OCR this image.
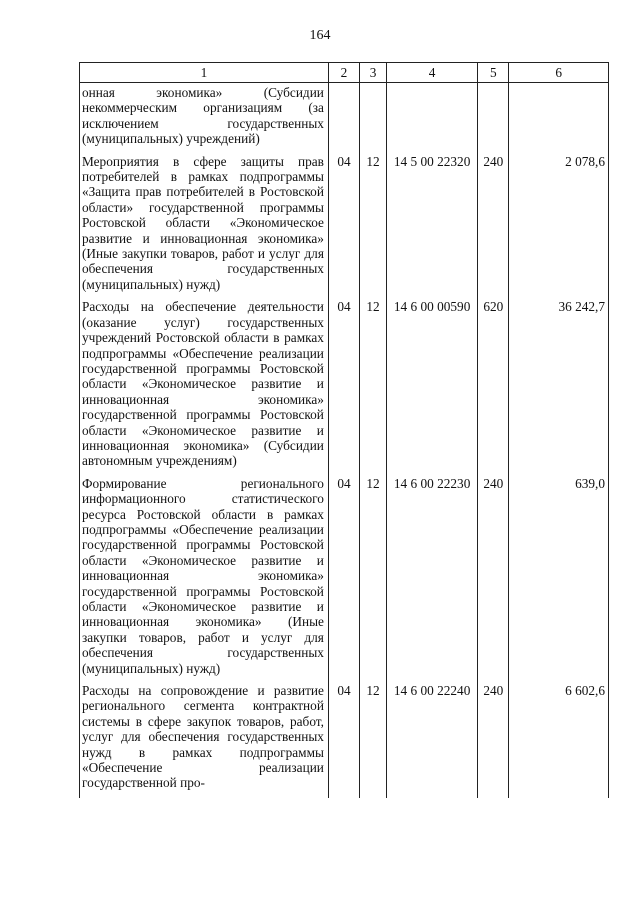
164
1	2	3	4	5	6
онная экономика» (Субсидии некоммерческим организациям (за исключением государственных (муниципальных) учреждений)					
Мероприятия в сфере защиты прав потребителей в рамках подпрограммы «Защита прав потребителей в Ростовской области» государственной программы Ростовской области «Экономическое развитие и инновационная экономика» (Иные закупки товаров, работ и услуг для обеспечения государственных (муниципальных) нужд)	04	12	14 5 00 22320	240	2 078,6
Расходы на обеспечение деятельности (оказание услуг) государственных учреждений Ростовской области в рамках подпрограммы «Обеспечение реализации государственной программы Ростовской области «Экономическое развитие и инновационная экономика» государственной программы Ростовской области «Экономическое развитие и инновационная экономика» (Субсидии автономным учреждениям)	04	12	14 6 00 00590	620	36 242,7
Формирование регионального информационного статистического ресурса Ростовской области в рамках подпрограммы «Обеспечение реализации государственной программы Ростовской области «Экономическое развитие и инновационная экономика» государственной программы Ростовской области «Экономическое развитие и инновационная экономика» (Иные закупки товаров, работ и услуг для обеспечения государственных (муниципальных) нужд)	04	12	14 6 00 22230	240	639,0
Расходы на сопровождение и развитие регионального сегмента контрактной системы в сфере закупок товаров, работ, услуг для обеспечения государственных нужд в рамках подпрограммы «Обеспечение реализации государственной про-	04	12	14 6 00 22240	240	6 602,6
